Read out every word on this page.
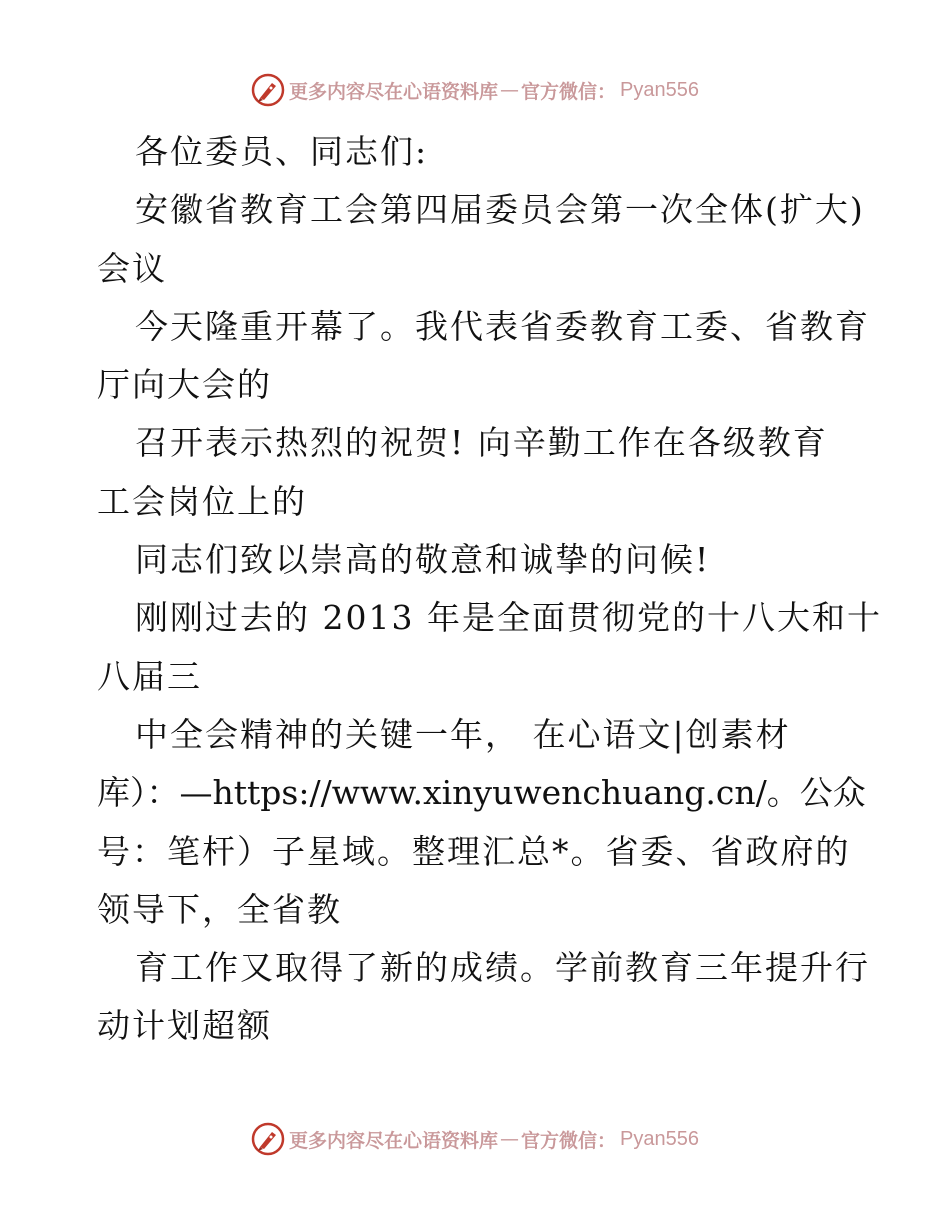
更多内容尽在心语资料库 — 官方微信： Pyan556
各位委员、同志们:
安徽省教育工会第四届委员会第一次全体(扩大)
会议
今天隆重开幕了。我代表省委教育工委、省教育
厅向大会的
召开表示热烈的祝贺! 向辛勤工作在各级教育
工会岗位上的
同志们致以崇高的敬意和诚挚的问候!
刚刚过去的 2013 年是全面贯彻党的十八大和十
八届三
中全会精神的关键一年， 在心语文|创素材
库）：—https://www.xinyuwenchuang.cn/。公众
号：笔杆）子星域。整理汇总*。省委、省政府的
领导下，全省教
育工作又取得了新的成绩。学前教育三年提升行
动计划超额
更多内容尽在心语资料库 — 官方微信： Pyan556
